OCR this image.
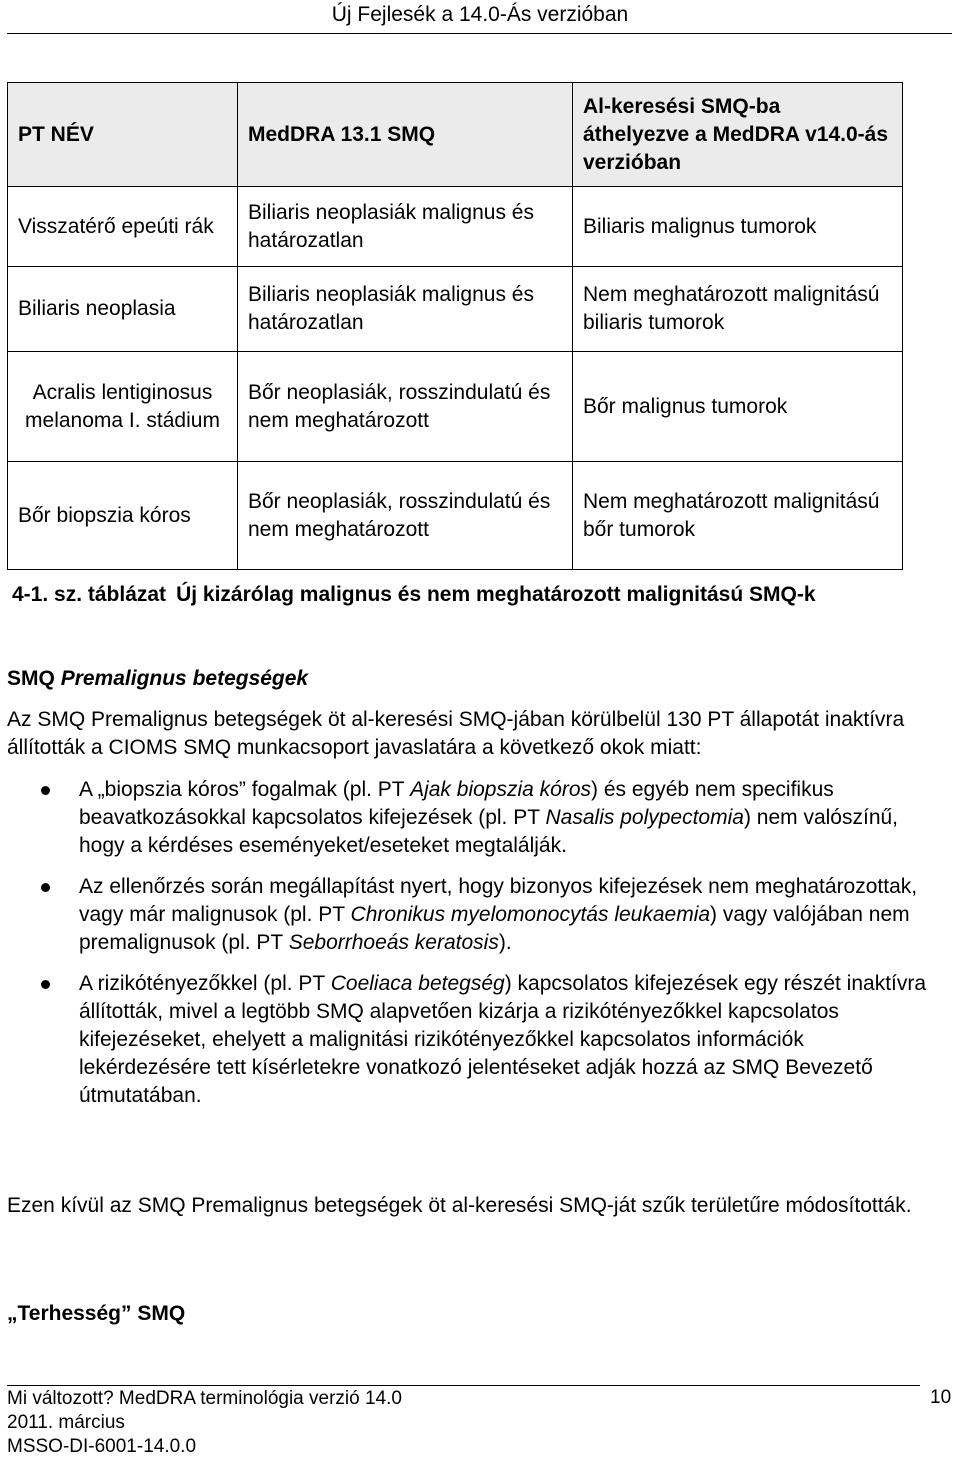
Új Fejlesék a 14.0-Ás verzióban
PT NÉV	MedDRA 13.1 SMQ	Al-keresési SMQ-ba áthelyezve a MedDRA v14.0-ás verzióban
Visszatérő epeúti rák	Biliaris neoplasiák malignus és határozatlan	Biliaris malignus tumorok
Biliaris neoplasia	Biliaris neoplasiák malignus és határozatlan	Nem meghatározott malignitású biliaris tumorok
Acralis lentiginosus melanoma I. stádium	Bőr neoplasiák, rosszindulatú és nem meghatározott	Bőr malignus tumorok
Bőr biopszia kóros	Bőr neoplasiák, rosszindulatú és nem meghatározott	Nem meghatározott malignitású bőr tumorok
4-1. sz. táblázat Új kizárólag malignus és nem meghatározott malignitású SMQ-k
SMQ Premalignus betegségek
Az SMQ Premalignus betegségek öt al-keresési SMQ-jában körülbelül 130 PT állapotát inaktívra állították a CIOMS SMQ munkacsoport javaslatára a következő okok miatt:
A „biopszia kóros” fogalmak (pl. PT Ajak biopszia kóros) és egyéb nem specifikus beavatkozásokkal kapcsolatos kifejezések (pl. PT Nasalis polypectomia) nem valószínű, hogy a kérdéses eseményeket/eseteket megtalálják.
Az ellenőrzés során megállapítást nyert, hogy bizonyos kifejezések nem meghatározottak, vagy már malignusok (pl. PT Chronikus myelomonocytás leukaemia) vagy valójában nem premalignusok (pl. PT Seborrhoeás keratosis).
A rizikótényezőkkel (pl. PT Coeliaca betegség) kapcsolatos kifejezések egy részét inaktívra állították, mivel a legtöbb SMQ alapvetően kizárja a rizikótényezőkkel kapcsolatos kifejezéseket, ehelyett a malignitási rizikótényezőkkel kapcsolatos információk lekérdezésére tett kísérletekre vonatkozó jelentéseket adják hozzá az SMQ Bevezető útmutatában.
Ezen kívül az SMQ Premalignus betegségek öt al-keresési SMQ-ját szűk területűre módosították.
„Terhesség” SMQ
Mi változott? MedDRA terminológia verzió 14.0
2011. március
MSSO-DI-6001-14.0.0
10
